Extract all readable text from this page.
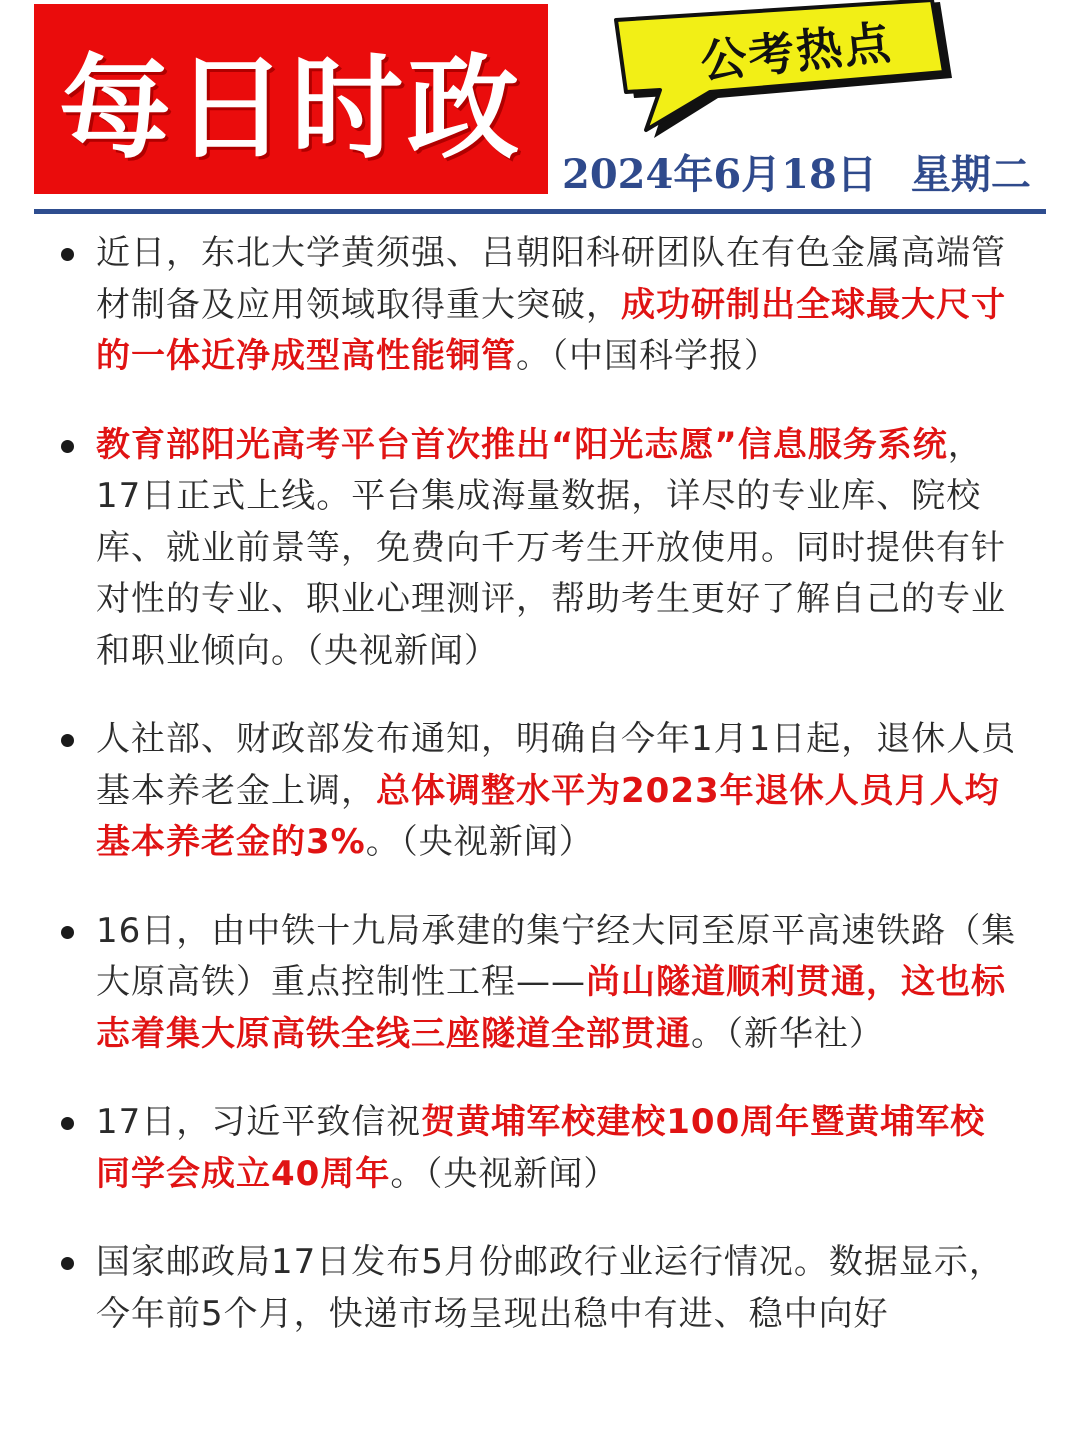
每日时政	公考热点
2024年6月18日 星期二
近日，东北大学黄须强、吕朝阳科研团队在有色金属高端管材制备及应用领域取得重大突破，成功研制出全球最大尺寸的一体近净成型高性能铜管。（中国科学报）
教育部阳光高考平台首次推出“阳光志愿”信息服务系统，17日正式上线。平台集成海量数据，详尽的专业库、院校库、就业前景等，免费向千万考生开放使用。同时提供有针对性的专业、职业心理测评，帮助考生更好了解自己的专业和职业倾向。（央视新闻）
人社部、财政部发布通知，明确自今年1月1日起，退休人员基本养老金上调，总体调整水平为2023年退休人员月人均基本养老金的3%。（央视新闻）
16日，由中铁十九局承建的集宁经大同至原平高速铁路（集大原高铁）重点控制性工程——尚山隧道顺利贯通，这也标志着集大原高铁全线三座隧道全部贯通。（新华社）
17日，习近平致信祝贺黄埔军校建校100周年暨黄埔军校同学会成立40周年。（央视新闻）
国家邮政局17日发布5月份邮政行业运行情况。数据显示，今年前5个月，快递市场呈现出稳中有进、稳中向好
